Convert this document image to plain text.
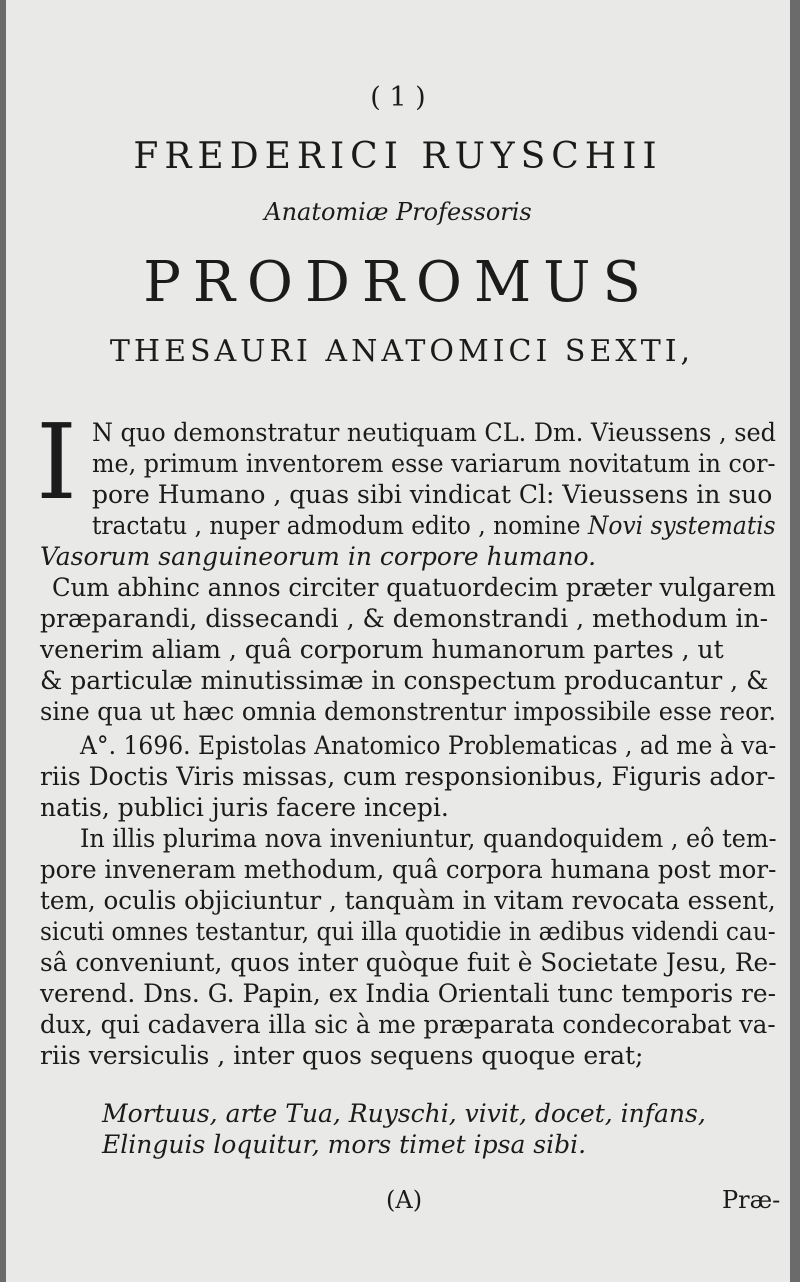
( 1 )
FREDERICI RUYSCHII
Anatomiæ Professoris
PRODROMUS
THESAURI ANATOMICI SEXTI,
I N quo demonstratur neutiquam CL. Dm. Vieussens , sed
me, primum inventorem esse variarum novitatum in cor-
pore Humano , quas sibi vindicat Cl: Vieussens in suo
tractatu , nuper admodum edito , nomine Novi systematis
Vasorum sanguineorum in corpore humano.
Cum abhinc annos circiter quatuordecim præter vulgarem
præparandi, dissecandi , & demonstrandi , methodum in-
venerim aliam , quâ corporum humanorum partes , ut
& particulæ minutissimæ in conspectum producantur , &
sine qua ut hæc omnia demonstrentur impossibile esse reor.
A°. 1696. Epistolas Anatomico Problematicas , ad me à va-
riis Doctis Viris missas, cum responsionibus, Figuris ador-
natis, publici juris facere incepi.
In illis plurima nova inveniuntur, quandoquidem , eô tem-
pore inveneram methodum, quâ corpora humana post mor-
tem, oculis objiciuntur , tanquàm in vitam revocata essent,
sicuti omnes testantur, qui illa quotidie in ædibus videndi cau-
sâ conveniunt, quos inter quòque fuit è Societate Jesu, Re-
verend. Dns. G. Papin, ex India Orientali tunc temporis re-
dux, qui cadavera illa sic à me præparata condecorabat va-
riis versiculis , inter quos sequens quoque erat;
Mortuus, arte Tua, Ruyschi, vivit, docet, infans,
Elinguis loquitur, mors timet ipsa sibi.
(A)	Præ-
